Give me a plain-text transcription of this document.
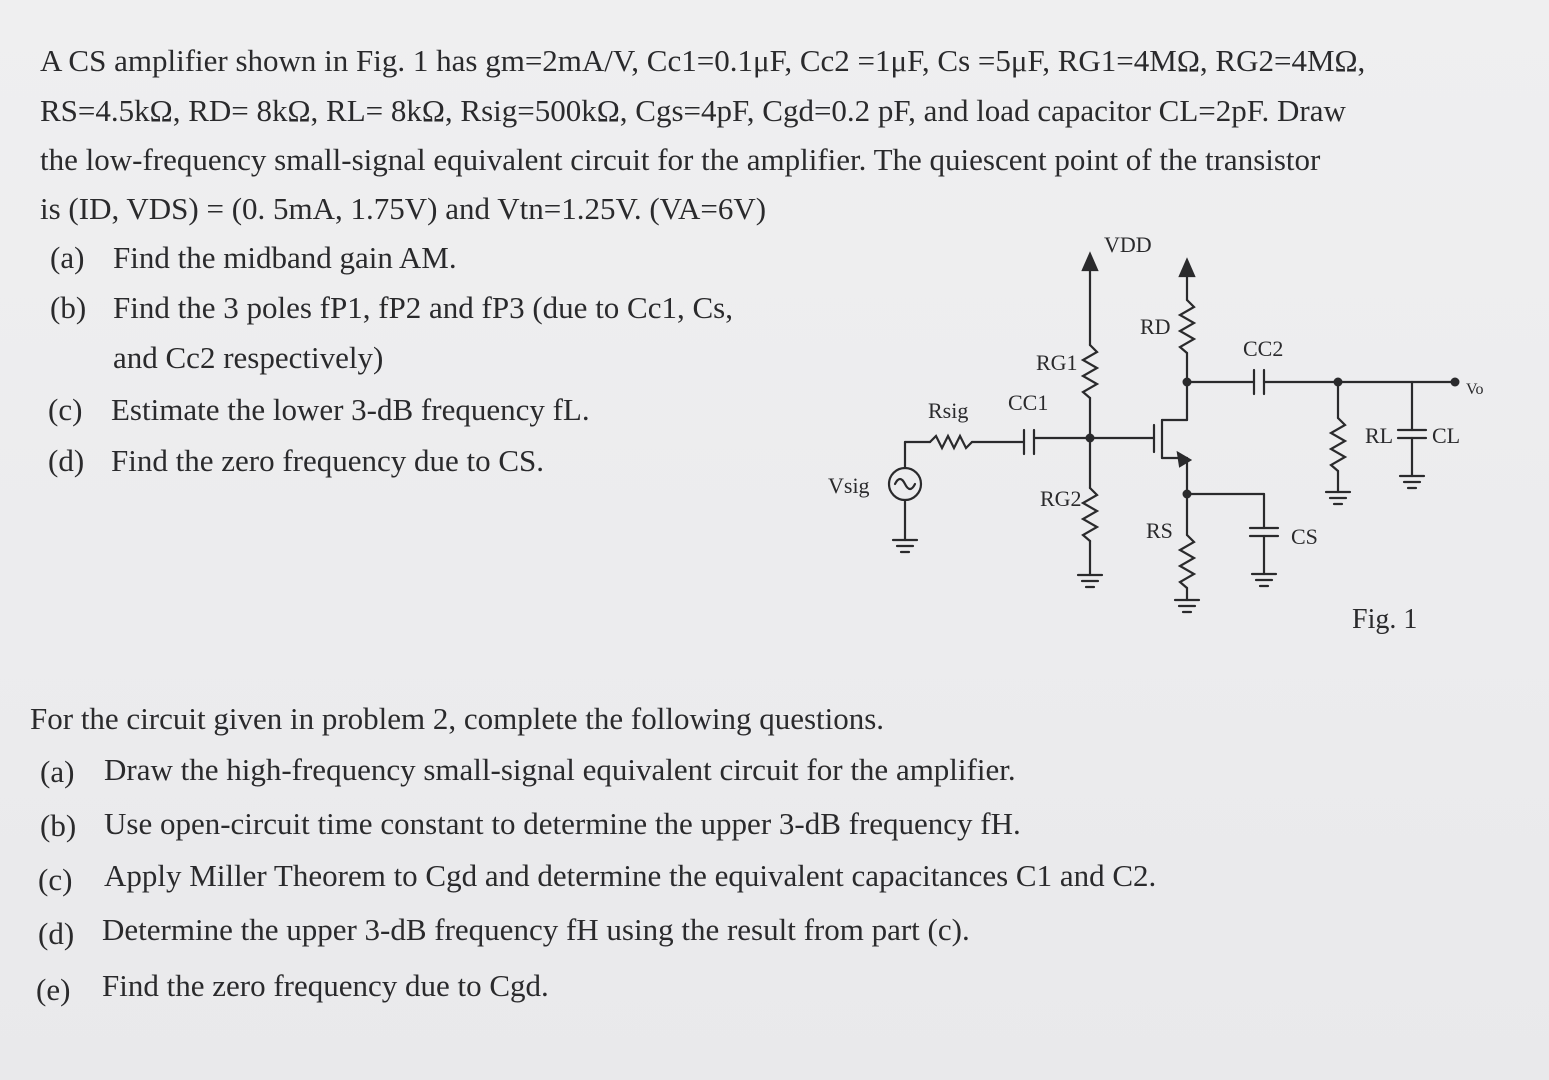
A CS amplifier shown in Fig. 1 has gm=2mA/V, Cc1=0.1μF, Cc2 =1μF, Cs =5μF, RG1=4MΩ, RG2=4MΩ,
RS=4.5kΩ, RD= 8kΩ, RL= 8kΩ, Rsig=500kΩ, Cgs=4pF, Cgd=0.2 pF, and load capacitor CL=2pF. Draw
the low-frequency small-signal equivalent circuit for the amplifier. The quiescent point of the transistor
is (ID, VDS) = (0. 5mA, 1.75V) and Vtn=1.25V. (VA=6V)
(a) Find the midband gain AM.
(b) Find the 3 poles fP1, fP2 and fP3 (due to Cc1, Cs,
and Cc2 respectively)
(c) Estimate the lower 3-dB frequency fL.
(d) Find the zero frequency due to CS.
VDD
RD
CC2
RG1
CC1
Rsig
Vsig
RG2
RS	CS
RL CL
Vo
Fig. 1
For the circuit given in problem 2, complete the following questions.
(a) Draw the high-frequency small-signal equivalent circuit for the amplifier.
(b) Use open-circuit time constant to determine the upper 3-dB frequency fH.
(c) Apply Miller Theorem to Cgd and determine the equivalent capacitances C1 and C2.
(d) Determine the upper 3-dB frequency fH using the result from part (c).
(e) Find the zero frequency due to Cgd.
